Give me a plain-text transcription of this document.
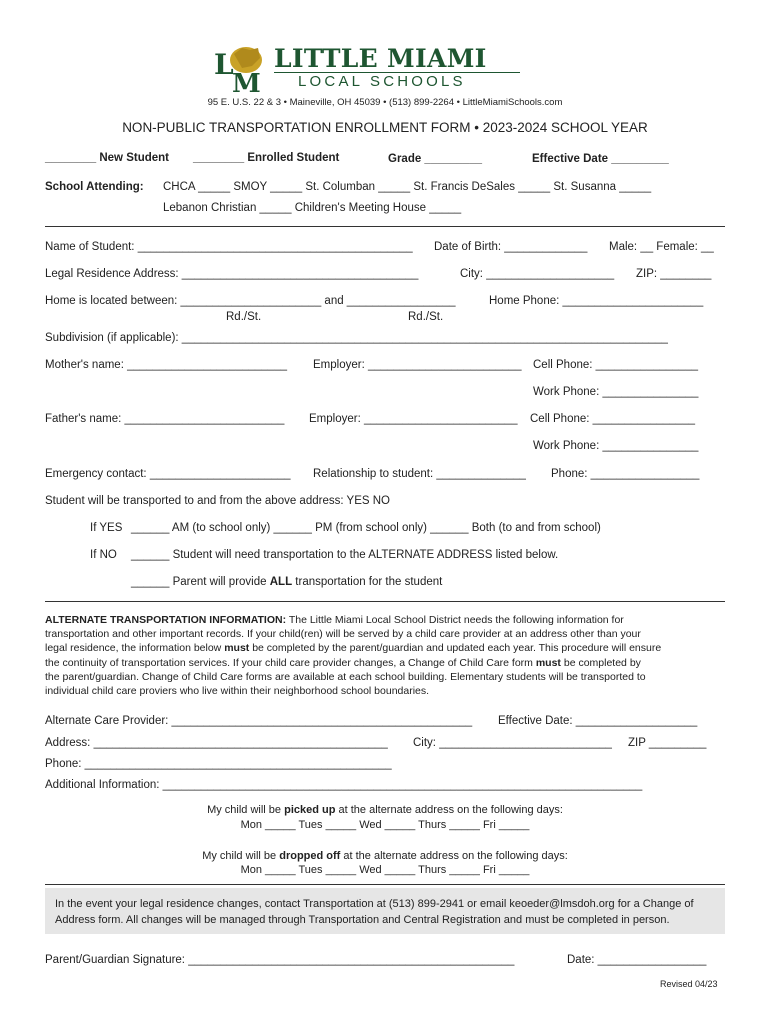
L
M
LITTLE MIAMI
LOCAL SCHOOLS
95 E. U.S. 22 & 3 • Maineville, OH 45039 • (513) 899-2264 • LittleMiamiSchools.com
NON-PUBLIC TRANSPORTATION ENROLLMENT FORM • 2023-2024 SCHOOL YEAR
________ New Student ________ Enrolled Student	Grade _________	Effective Date _________
School Attending: CHCA _____ SMOY _____ St. Columban _____ St. Francis DeSales _____ St. Susanna _____
Lebanon Christian _____ Children's Meeting House _____
Name of Student: ___________________________________________ Date of Birth: _____________ Male: __ Female: __
Legal Residence Address: _____________________________________	City: ____________________ ZIP: ________
Home is located between: ______________________ and _________________	Home Phone: ______________________
Rd./St.	Rd./St.
Subdivision (if applicable): ____________________________________________________________________________
Mother's name: _________________________ Employer: ________________________ Cell Phone: ________________
Work Phone: _______________
Father's name: _________________________ Employer: ________________________ Cell Phone: ________________
Work Phone: _______________
Emergency contact: ______________________ Relationship to student: ______________ Phone: _________________
Student will be transported to and from the above address: YES NO
If YES ______ AM (to school only) ______ PM (from school only) ______ Both (to and from school)
If NO ______ Student will need transportation to the ALTERNATE ADDRESS listed below.
______ Parent will provide ALL transportation for the student
ALTERNATE TRANSPORTATION INFORMATION: The Little Miami Local School District needs the following information for
transportation and other important records. If your child(ren) will be served by a child care provider at an address other than your
legal residence, the information below must be completed by the parent/guardian and updated each year. This procedure will ensure
the continuity of transportation services. If your child care provider changes, a Change of Child Care form must be completed by
the parent/guardian. Change of Child Care forms are available at each school building. Elementary students will be transported to
individual child care proviers who live within their neighborhood school boundaries.
Alternate Care Provider: _______________________________________________ Effective Date: ___________________
Address: ______________________________________________ City: ___________________________ ZIP _________
Phone: ________________________________________________
Additional Information: ___________________________________________________________________________
My child will be picked up at the alternate address on the following days:
Mon _____ Tues _____ Wed _____ Thurs _____ Fri _____
My child will be dropped off at the alternate address on the following days:
Mon _____ Tues _____ Wed _____ Thurs _____ Fri _____
In the event your legal residence changes, contact Transportation at (513) 899-2941 or email keoeder@lmsdoh.org for a Change of
Address form. All changes will be managed through Transportation and Central Registration and must be completed in person.
Parent/Guardian Signature: ___________________________________________________	Date: _________________
Revised 04/23
